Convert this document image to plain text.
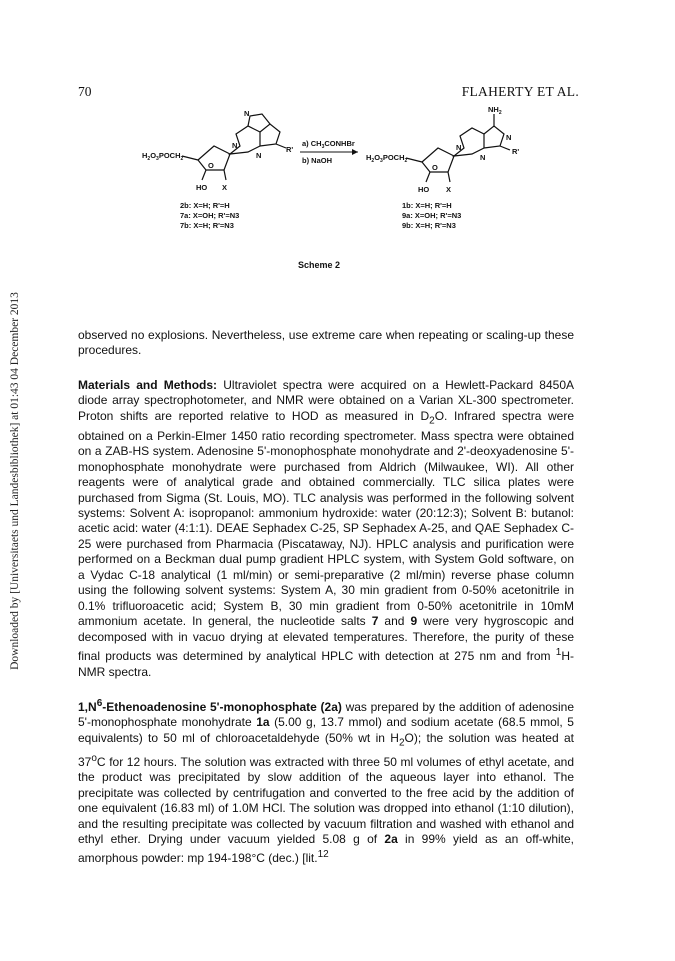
70	FLAHERTY ET AL.
Downloaded by [Universitaets und Landesbibliothek] at 01:43 04 December 2013
$H_2O_3POCH_2$
O
HO X
N
N
N
R'
2b: X=H; R'=H
7a: X=OH; R'=N3
7b: X=H; R'=N3
a) $CH_3CONHBr$
b) NaOH	$H_2O_3POCH_2$
O
HO X
N
$NH_2$
N
N
R'
1b: X=H; R'=H
9a: X=OH; R'=N3
9b: X=H; R'=N3
Scheme 2
observed no explosions. Nevertheless, use extreme care when repeating or scaling-up these procedures.
Materials and Methods: Ultraviolet spectra were acquired on a Hewlett-Packard 8450A diode array spectrophotometer, and NMR were obtained on a Varian XL-300 spectrometer. Proton shifts are reported relative to HOD as measured in $D_2O$. Infrared spectra were obtained on a Perkin-Elmer 1450 ratio recording spectrometer. Mass spectra were obtained on a ZAB-HS system. Adenosine 5'-monophosphate monohydrate and 2'-deoxyadenosine 5'-monophosphate monohydrate were purchased from Aldrich (Milwaukee, WI). All other reagents were of analytical grade and obtained commercially. TLC silica plates were purchased from Sigma (St. Louis, MO). TLC analysis was performed in the following solvent systems: Solvent A: isopropanol: ammonium hydroxide: water (20:12:3); Solvent B: butanol: acetic acid: water (4:1:1). DEAE Sephadex C-25, SP Sephadex A-25, and QAE Sephadex C-25 were purchased from Pharmacia (Piscataway, NJ). HPLC analysis and purification were performed on a Beckman dual pump gradient HPLC system, with System Gold software, on a Vydac C-18 analytical (1 ml/min) or semi-preparative (2 ml/min) reverse phase column using the following solvent systems: System A, 30 min gradient from 0-50% acetonitrile in 0.1% trifluoroacetic acid; System B, 30 min gradient from 0-50% acetonitrile in 10mM ammonium acetate. In general, the nucleotide salts 7 and 9 were very hygroscopic and decomposed with in vacuo drying at elevated temperatures. Therefore, the purity of these final products was determined by analytical HPLC with detection at 275 nm and from $^1$H-NMR spectra.
$1,N^6$-Ethenoadenosine 5'-monophosphate (2a) was prepared by the addition of adenosine 5'-monophosphate monohydrate 1a (5.00 g, 13.7 mmol) and sodium acetate (68.5 mmol, 5 equivalents) to 50 ml of chloroacetaldehyde (50% wt in $H_2O$); the solution was heated at 37$^o$C for 12 hours. The solution was extracted with three 50 ml volumes of ethyl acetate, and the product was precipitated by slow addition of the aqueous layer into ethanol. The precipitate was collected by centrifugation and converted to the free acid by the addition of one equivalent (16.83 ml) of 1.0M HCl. The solution was dropped into ethanol (1:10 dilution), and the resulting precipitate was collected by vacuum filtration and washed with ethanol and ethyl ether. Drying under vacuum yielded 5.08 g of 2a in 99% yield as an off-white, amorphous powder: mp 194-198°C (dec.) [lit.$^{12}$
